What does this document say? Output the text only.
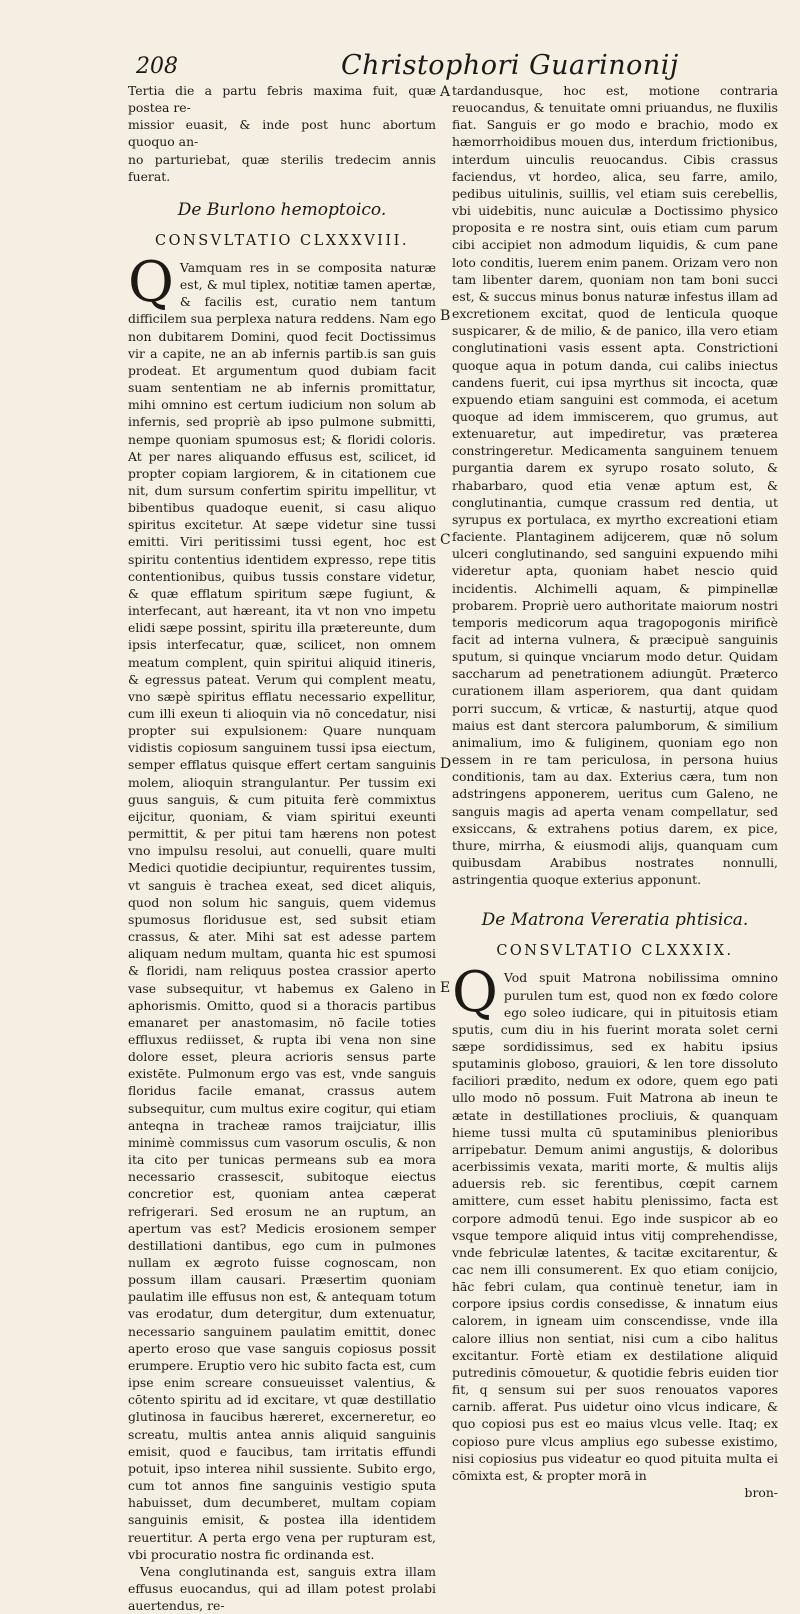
208	Christophori Guarinonij
A
B
C
D
E

Tertia die a partu febris maxima fuit, quæ postea re-

missior euasit, & inde post hunc abortum quoquo an-

no parturiebat, quæ sterilis tredecim annis fuerat.

De Burlono hemoptoico.
CONSVLTATIO CLXXXVIII.

Q Vamquam res in se composita naturæ est, & mul tiplex, notitiæ tamen apertæ, & facilis est, curatio nem tantum difficilem sua perplexa natura reddens. Nam ego non dubitarem Domini, quod fecit Doctissimus vir a capite, ne an ab infernis partib.is san guis prodeat. Et argumentum quod dubiam facit suam sententiam ne ab infernis promittatur, mihi omnino est certum iudicium non solum ab infernis, sed propriè ab ipso pulmone submitti, nempe quoniam spumosus est; & floridi coloris. At per nares aliquando effusus est, scilicet, id propter copiam largiorem, & in citationem cue nit, dum sursum confertim spiritu impellitur, vt bibentibus quadoque euenit, si casu aliquo spiritus excitetur. At sæpe videtur sine tussi emitti. Viri peritissimi tussi egent, hoc est spiritu contentius identidem expresso, repe titis contentionibus, quibus tussis constare videtur, & quæ efflatum spiritum sæpe fugiunt, & interfecant, aut hæreant, ita vt non vno impetu elidi sæpe possint, spiritu illa prætereunte, dum ipsis interfecatur, quæ, scilicet, non omnem meatum complent, quin spiritui aliquid itineris, & egressus pateat. Verum qui complent meatu, vno sæpè spiritus efflatu necessario expellitur, cum illi exeun ti alioquin via nō concedatur, nisi propter sui expulsionem: Quare nunquam vidistis copiosum sanguinem tussi ipsa eiectum, semper efflatus quisque effert certam sanguinis molem, alioquin strangulantur. Per tussim exi guus sanguis, & cum pituita ferè commixtus eijcitur, quoniam, & viam spiritui exeunti permittit, & per pitui tam hærens non potest vno impulsu resolui, aut conuelli, quare multi Medici quotidie decipiuntur, requirentes tussim, vt sanguis è trachea exeat, sed dicet aliquis, quod non solum hic sanguis, quem videmus spumosus floridusue est, sed subsit etiam crassus, & ater. Mihi sat est adesse partem aliquam nedum multam, quanta hic est spumosi & floridi, nam reliquus postea crassior aperto vase subsequitur, vt habemus ex Galeno in aphorismis. Omitto, quod si a thoracis partibus emanaret per anastomasim, nō facile toties effluxus rediisset, & rupta ibi vena non sine dolore esset, pleura acrioris sensus parte existēte. Pulmonum ergo vas est, vnde sanguis floridus facile emanat, crassus autem subsequitur, cum multus exire cogitur, qui etiam anteqna in tracheæ ramos traijciatur, illis minimè commissus cum vasorum osculis, & non ita cito per tunicas permeans sub ea mora necessario crassescit, subitoque eiectus concretior est, quoniam antea cæperat refrigerari. Sed erosum ne an ruptum, an apertum vas est? Medicis erosionem semper destillationi dantibus, ego cum in pulmones nullam ex ægroto fuisse cognoscam, non possum illam causari. Præsertim quoniam paulatim ille effusus non est, & antequam totum vas erodatur, dum detergitur, dum extenuatur, necessario sanguinem paulatim emittit, donec aperto eroso que vase sanguis copiosus possit erumpere. Eruptio vero hic subito facta est, cum ipse enim screare consueuisset valentius, & cōtento spiritu ad id excitare, vt quæ destillatio glutinosa in faucibus hæreret, excerneretur, eo screatu, multis antea annis aliquid sanguinis emisit, quod e faucibus, tam irritatis effundi potuit, ipso interea nihil sussiente. Subito ergo, cum tot annos fine sanguinis vestigio sputa habuisset, dum decumberet, multam copiam sanguinis emisit, & postea illa identidem reuertitur. A perta ergo vena per rupturam est, vbi procuratio nostra fic ordinanda est.

Vena conglutinanda est, sanguis extra illam effusus euocandus, qui ad illam potest prolabi auertendus, re-

tardandusque, hoc est, motione contraria reuocandus, & tenuitate omni priuandus, ne fluxilis fiat. Sanguis er go modo e brachio, modo ex hæmorrhoidibus mouen dus, interdum frictionibus, interdum uinculis reuocandus. Cibis crassus faciendus, vt hordeo, alica, seu farre, amilo, pedibus uitulinis, suillis, vel etiam suis cerebellis, vbi uidebitis, nunc auiculæ a Doctissimo physico proposita e re nostra sint, ouis etiam cum parum cibi accipiet non admodum liquidis, & cum pane loto conditis, luerem enim panem. Orizam vero non tam libenter darem, quoniam non tam boni succi est, & succus minus bonus naturæ infestus illam ad excretionem excitat, quod de lenticula quoque suspicarer, & de milio, & de panico, illa vero etiam conglutinationi vasis essent apta. Constrictioni quoque aqua in potum danda, cui calibs iniectus candens fuerit, cui ipsa myrthus sit incocta, quæ expuendo etiam sanguini est commoda, ei acetum quoque ad idem immiscerem, quo grumus, aut extenuaretur, aut impediretur, vas præterea constringeretur. Medicamenta sanguinem tenuem purgantia darem ex syrupo rosato soluto, & rhabarbaro, quod etia venæ aptum est, & conglutinantia, cumque crassum red dentia, ut syrupus ex portulaca, ex myrtho excreationi etiam faciente. Plantaginem adijcerem, quæ nō solum ulceri conglutinando, sed sanguini expuendo mihi videretur apta, quoniam habet nescio quid incidentis. Alchimelli aquam, & pimpinellæ probarem. Propriè uero authoritate maiorum nostri temporis medicorum aqua tragopogonis mirificè facit ad interna vulnera, & præcipuè sanguinis sputum, si quinque vnciarum modo detur. Quidam saccharum ad penetrationem adiungūt. Præterco curationem illam asperiorem, qua dant quidam porri succum, & vrticæ, & nasturtij, atque quod maius est dant stercora palumborum, & similium animalium, imo & fuliginem, quoniam ego non essem in re tam periculosa, in persona huius conditionis, tam au dax. Exterius cæra, tum non adstringens apponerem, ueritus cum Galeno, ne sanguis magis ad aperta venam compellatur, sed exsiccans, & extrahens potius darem, ex pice, thure, mirrha, & eiusmodi alijs, quanquam cum quibusdam Arabibus nostrates nonnulli, astringentia quoque exterius apponunt.

De Matrona Vereratia phtisica.
CONSVLTATIO CLXXXIX.

Q Vod spuit Matrona nobilissima omnino purulen tum est, quod non ex fœdo colore ego soleo iudicare, qui in pituitosis etiam sputis, cum diu in his fuerint morata solet cerni sæpe sordidissimus, sed ex habitu ipsius sputaminis globoso, grauiori, & len tore dissoluto faciliori prædito, nedum ex odore, quem ego pati ullo modo nō possum. Fuit Matrona ab ineun te ætate in destillationes procliuis, & quanquam hieme tussi multa cū sputaminibus plenioribus arripebatur. Demum animi angustijs, & doloribus acerbissimis vexata, mariti morte, & multis alijs aduersis reb. sic ferentibus, cœpit carnem amittere, cum esset habitu plenissimo, facta est corpore admodū tenui. Ego inde suspicor ab eo vsque tempore aliquid intus vitij comprehendisse, vnde febriculæ latentes, & tacitæ excitarentur, & cac nem illi consumerent. Ex quo etiam conijcio, hāc febri culam, qua continuè tenetur, iam in corpore ipsius cordis consedisse, & innatum eius calorem, in igneam uim conscendisse, vnde illa calore illius non sentiat, nisi cum a cibo halitus excitantur. Fortè etiam ex destilatione aliquid putredinis cōmouetur, & quotidie febris euiden tior fit, q sensum sui per suos renouatos vapores carnib. afferat. Pus uidetur oino vlcus indicare, & quo copiosi pus est eo maius vlcus velle. Itaq; ex copioso pure vlcus amplius ego subesse existimo, nisi copiosius pus videatur eo quod pituita multa ei cōmixta est, & propter morā in

bron-
